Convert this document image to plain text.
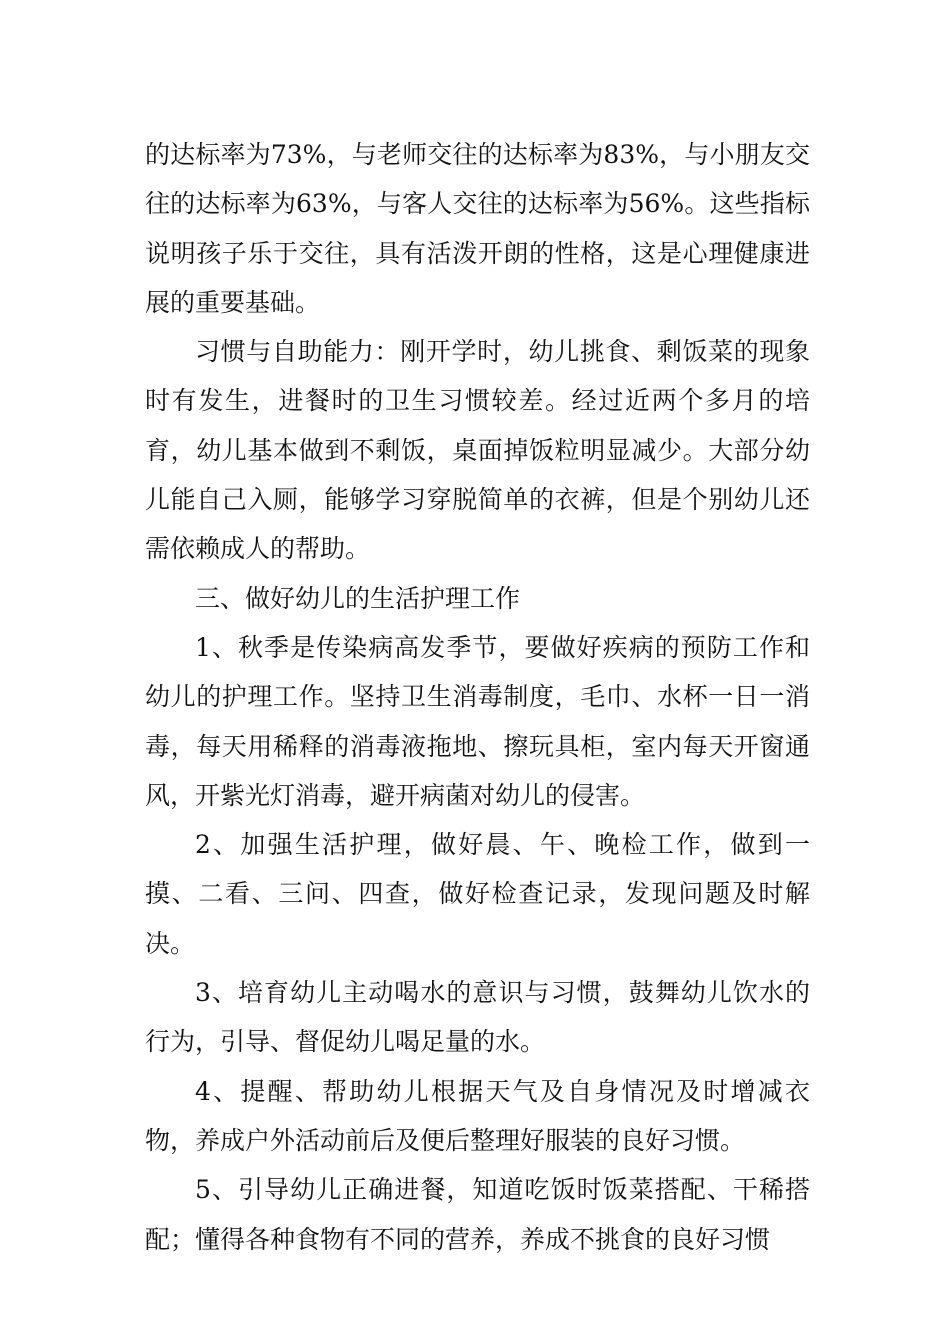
的达标率为73%，与老师交往的达标率为83%，与小朋友交往的达标率为63%，与客人交往的达标率为56%。这些指标说明孩子乐于交往，具有活泼开朗的性格，这是心理健康进展的重要基础。

习惯与自助能力：刚开学时，幼儿挑食、剩饭菜的现象时有发生，进餐时的卫生习惯较差。经过近两个多月的培育，幼儿基本做到不剩饭，桌面掉饭粒明显减少。大部分幼儿能自己入厕，能够学习穿脱简单的衣裤，但是个别幼儿还需依赖成人的帮助。

三、做好幼儿的生活护理工作

1、秋季是传染病高发季节，要做好疾病的预防工作和幼儿的护理工作。坚持卫生消毒制度，毛巾、水杯一日一消毒，每天用稀释的消毒液拖地、擦玩具柜，室内每天开窗通风，开紫光灯消毒，避开病菌对幼儿的侵害。

2、加强生活护理，做好晨、午、晚检工作，做到一摸、二看、三问、四查，做好检查记录，发现问题及时解决。

3、培育幼儿主动喝水的意识与习惯，鼓舞幼儿饮水的行为，引导、督促幼儿喝足量的水。

4、提醒、帮助幼儿根据天气及自身情况及时增减衣物，养成户外活动前后及便后整理好服装的良好习惯。

5、引导幼儿正确进餐，知道吃饭时饭菜搭配、干稀搭配；懂得各种食物有不同的营养，养成不挑食的良好习惯
